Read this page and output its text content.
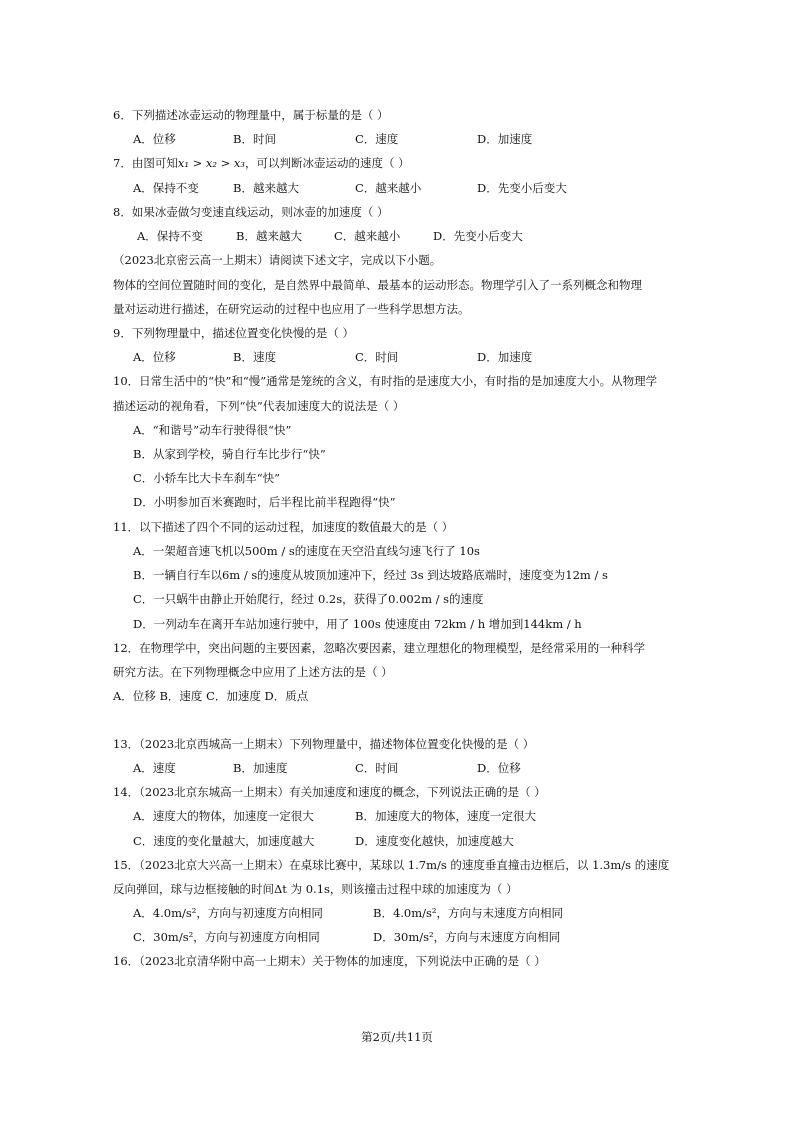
6．下列描述冰壶运动的物理量中，属于标量的是（ ）
A．位移	B．时间	C．速度	D．加速度
7．由图可知x₁ > x₂ > x₃，可以判断冰壶运动的速度（ ）
A．保持不变	B．越来越大	C．越来越小	D．先变小后变大
8．如果冰壶做匀变速直线运动，则冰壶的加速度（ ）
A．保持不变	B．越来越大	C．越来越小	D．先变小后变大
（2023北京密云高一上期末）请阅读下述文字，完成以下小题。
物体的空间位置随时间的变化，是自然界中最简单、最基本的运动形态。物理学引入了一系列概念和物理
量对运动进行描述，在研究运动的过程中也应用了一些科学思想方法。
9．下列物理量中，描述位置变化快慢的是（ ）
A．位移	B．速度	C．时间	D．加速度
10．日常生活中的“快”和“慢”通常是笼统的含义，有时指的是速度大小，有时指的是加速度大小。从物理学
描述运动的视角看，下列“快”代表加速度大的说法是（ ）
A．“和谐号”动车行驶得很“快”
B．从家到学校，骑自行车比步行“快”
C．小轿车比大卡车刹车“快”
D．小明参加百米赛跑时，后半程比前半程跑得“快”
11．以下描述了四个不同的运动过程，加速度的数值最大的是（ ）
A．一架超音速飞机以500m / s的速度在天空沿直线匀速飞行了 10s
B．一辆自行车以6m / s的速度从坡顶加速冲下，经过 3s 到达坡路底端时，速度变为12m / s
C．一只蜗牛由静止开始爬行，经过 0.2s，获得了0.002m / s的速度
D．一列动车在离开车站加速行驶中，用了 100s 使速度由 72km / h 增加到144km / h
12．在物理学中，突出问题的主要因素，忽略次要因素，建立理想化的物理模型，是经常采用的一种科学
研究方法。在下列物理概念中应用了上述方法的是（ ）
A．位移 B．速度 C．加速度 D．质点
13．（2023北京西城高一上期末）下列物理量中，描述物体位置变化快慢的是（ ）
A．速度	B．加速度	C．时间	D．位移
14．（2023北京东城高一上期末）有关加速度和速度的概念，下列说法正确的是（ ）
A．速度大的物体，加速度一定很大	B．加速度大的物体，速度一定很大
C．速度的变化量越大，加速度越大	D．速度变化越快，加速度越大
15．（2023北京大兴高一上期末）在桌球比赛中，某球以 1.7m/s 的速度垂直撞击边框后，以 1.3m/s 的速度
反向弹回，球与边框接触的时间Δt 为 0.1s，则该撞击过程中球的加速度为（ ）
A．4.0m/s²，方向与初速度方向相同	B．4.0m/s²，方向与末速度方向相同
C．30m/s²，方向与初速度方向相同	D．30m/s²，方向与末速度方向相同
16．（2023北京清华附中高一上期末）关于物体的加速度，下列说法中正确的是（ ）
第2页/共11页
